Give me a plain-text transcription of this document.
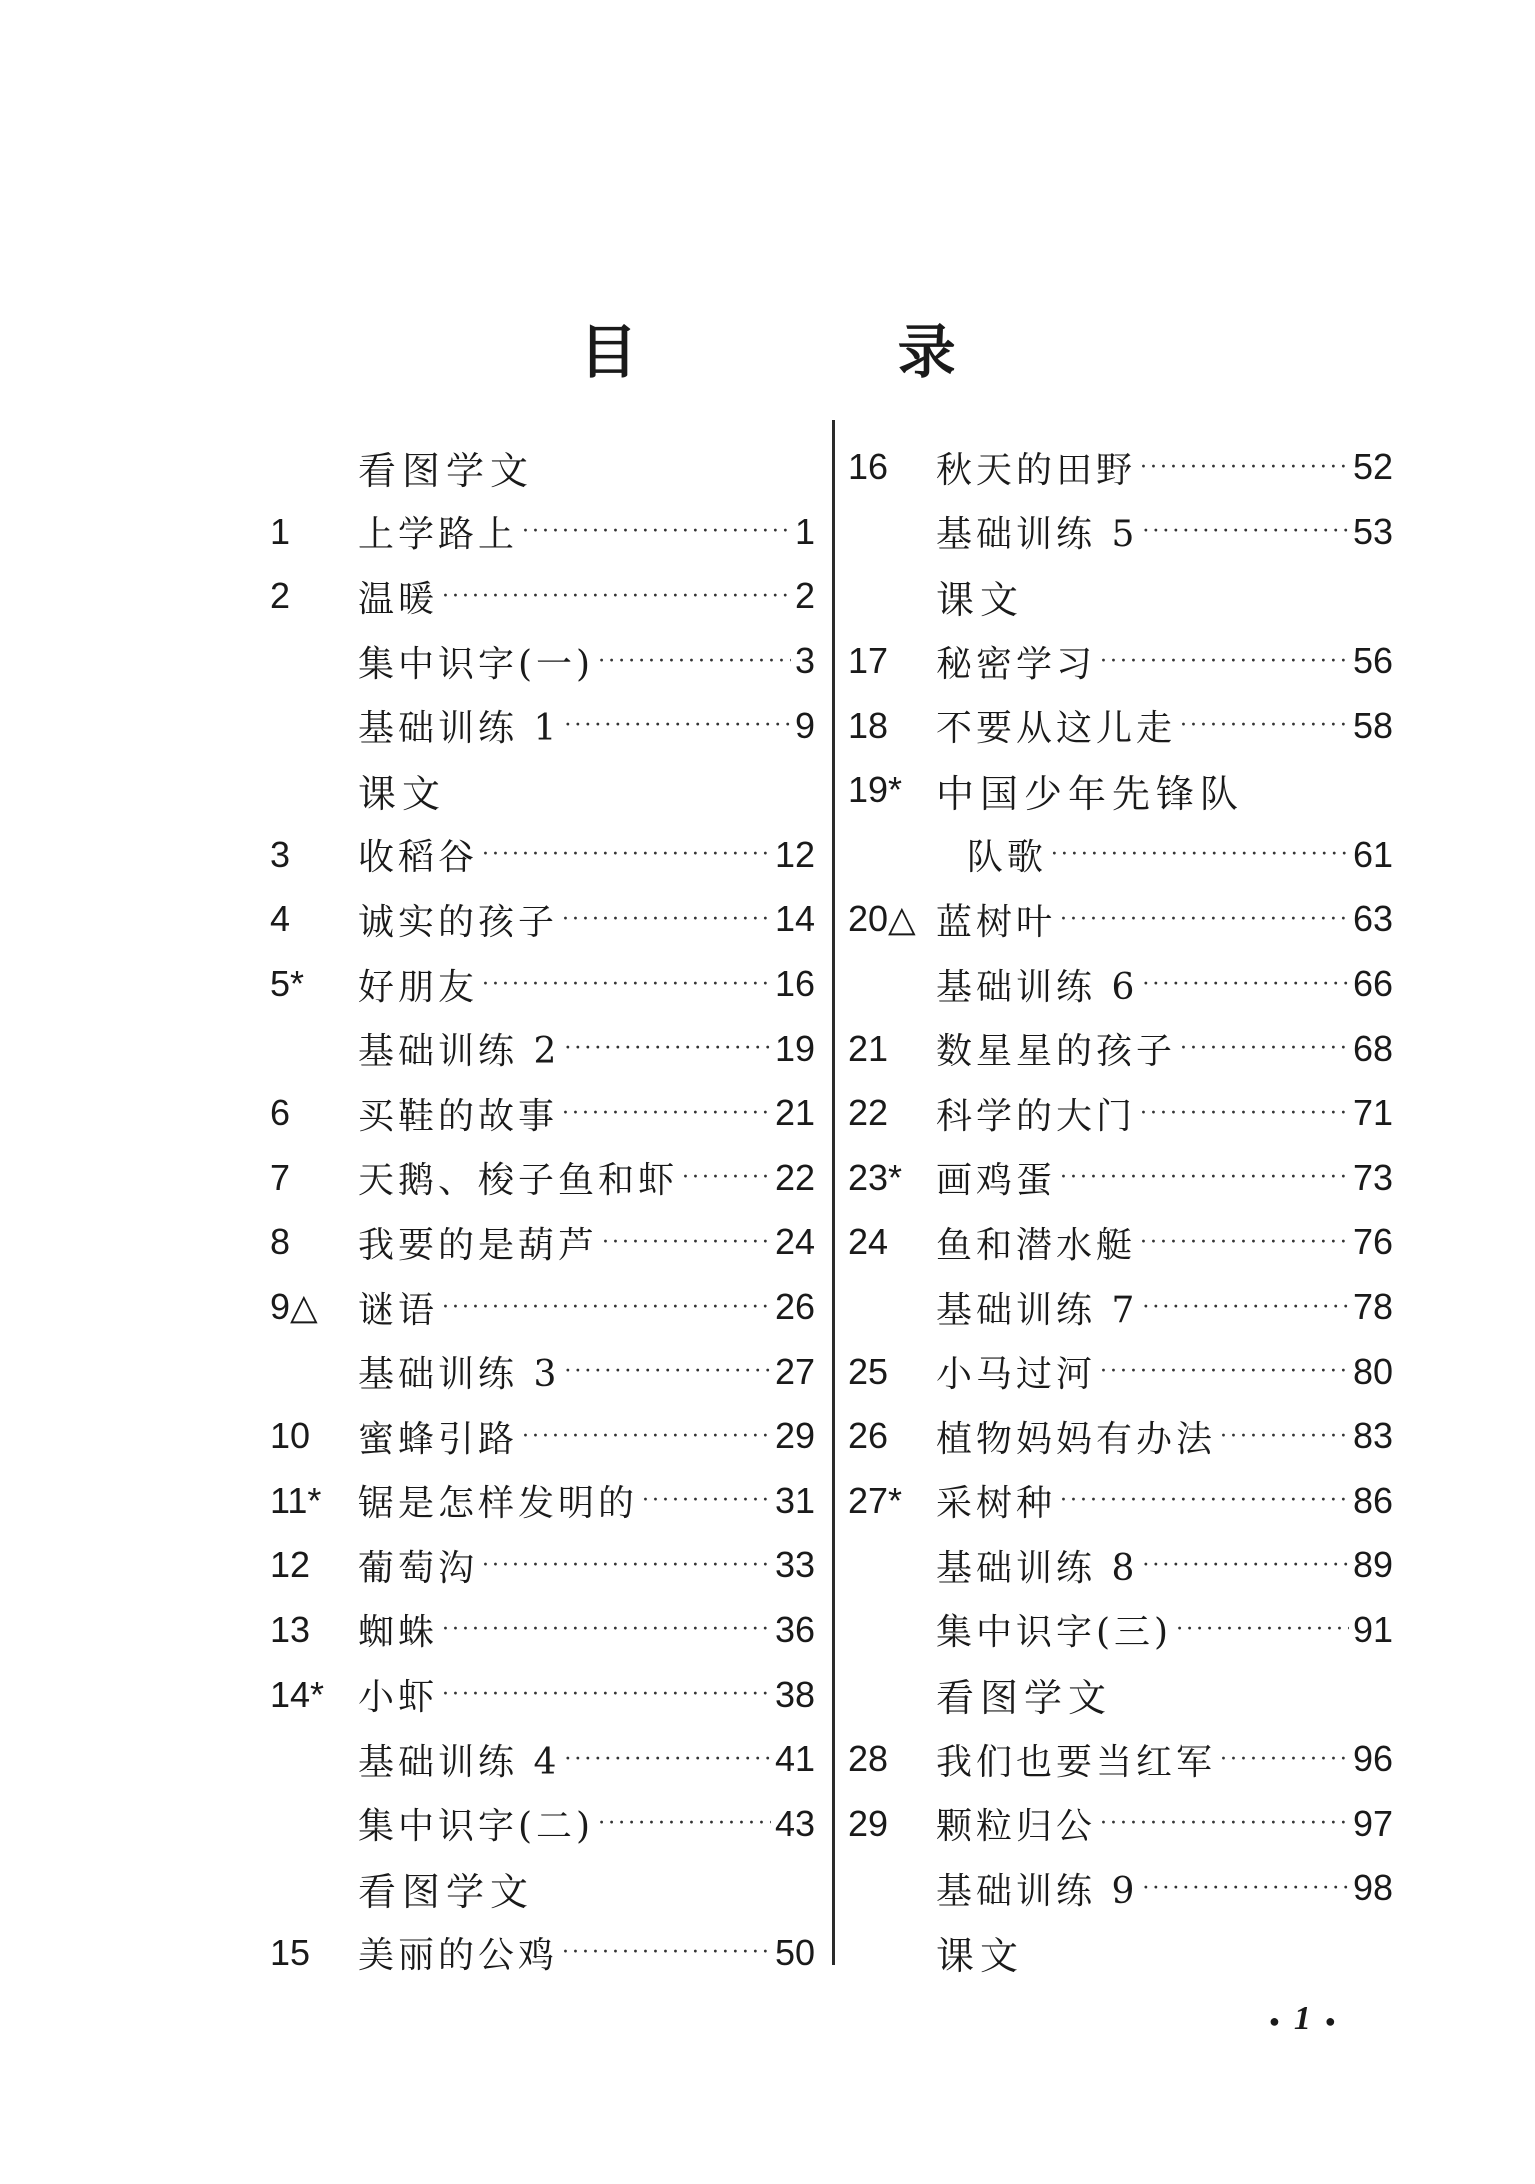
目 录
看图学文
1	上学路上 ·····	1
2	温暖 ·····	2
集中识字(一) ·····	3
基础训练 1 ·····	9
课文
3	收稻谷 ·····	12
4	诚实的孩子 ·····	14
5*	好朋友 ·····	16
基础训练 2 ·····	19
6	买鞋的故事 ·····	21
7	天鹅、梭子鱼和虾 ·····	22
8	我要的是葫芦 ·····	24
9△	谜语 ·····	26
基础训练 3 ·····	27
10	蜜蜂引路 ·····	29
11*	锯是怎样发明的 ·····	31
12	葡萄沟 ·····	33
13	蜘蛛 ·····	36
14* 小虾 ·····	38
基础训练 4 ·····	41
集中识字(二) ·····	43
看图学文
15	美丽的公鸡 ·····	50
16	秋天的田野 ·····	52
基础训练 5 ·····	53
课文
17	秘密学习 ·····	56
18	不要从这儿走 ·····	58
19* 中国少年先锋队
队歌 ·····	61
20△ 蓝树叶 ·····	63
基础训练 6 ·····	66
21	数星星的孩子 ·····	68
22	科学的大门 ·····	71
23* 画鸡蛋 ·····	73
24	鱼和潜水艇 ·····	76
基础训练 7 ·····	78
25	小马过河 ·····	80
26	植物妈妈有办法 ·····	83
27* 采树种 ·····	86
基础训练 8 ·····	89
集中识字(三) ·····	91
看图学文
28	我们也要当红军 ·····	96
29	颗粒归公 ·····	97
基础训练 9 ·····	98
课文
● 1 ●
